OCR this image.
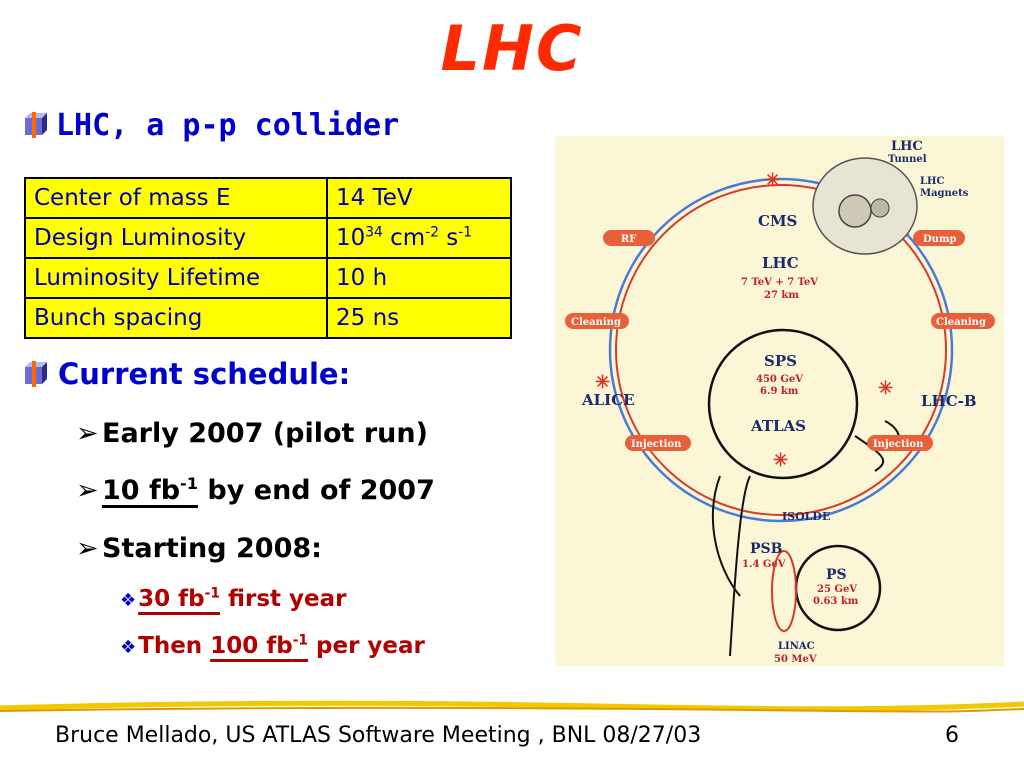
LHC
LHC, a p-p collider
Center of mass E	14 TeV
Design Luminosity	$10^{34}$ $cm^{-2}$ $s^{-1}$
Luminosity Lifetime	10 h
Bunch spacing	25 ns
Current schedule:
➢ Early 2007 (pilot run)
➢ 10 $fb^{-1}$ by end of 2007
➢ Starting 2008:
❖30 $fb^{-1}$ first year
❖Then 100 $fb^{-1}$ per year
✳
✳	✳
✳
LHC
Tunnel
LHC
Magnets
CMS
LHC
7 TeV + 7 TeV
27 km
RF	Dump
Cleaning	Cleaning
ALICE	LHC-B
Injection	Injection
SPS
450 GeV
6.9 km
ATLAS
ISOLDE
PSB
1.4 GeV
PS
25 GeV
0.63 km
LINAC
50 MeV
Bruce Mellado, US ATLAS Software Meeting , BNL 08/27/03	6
